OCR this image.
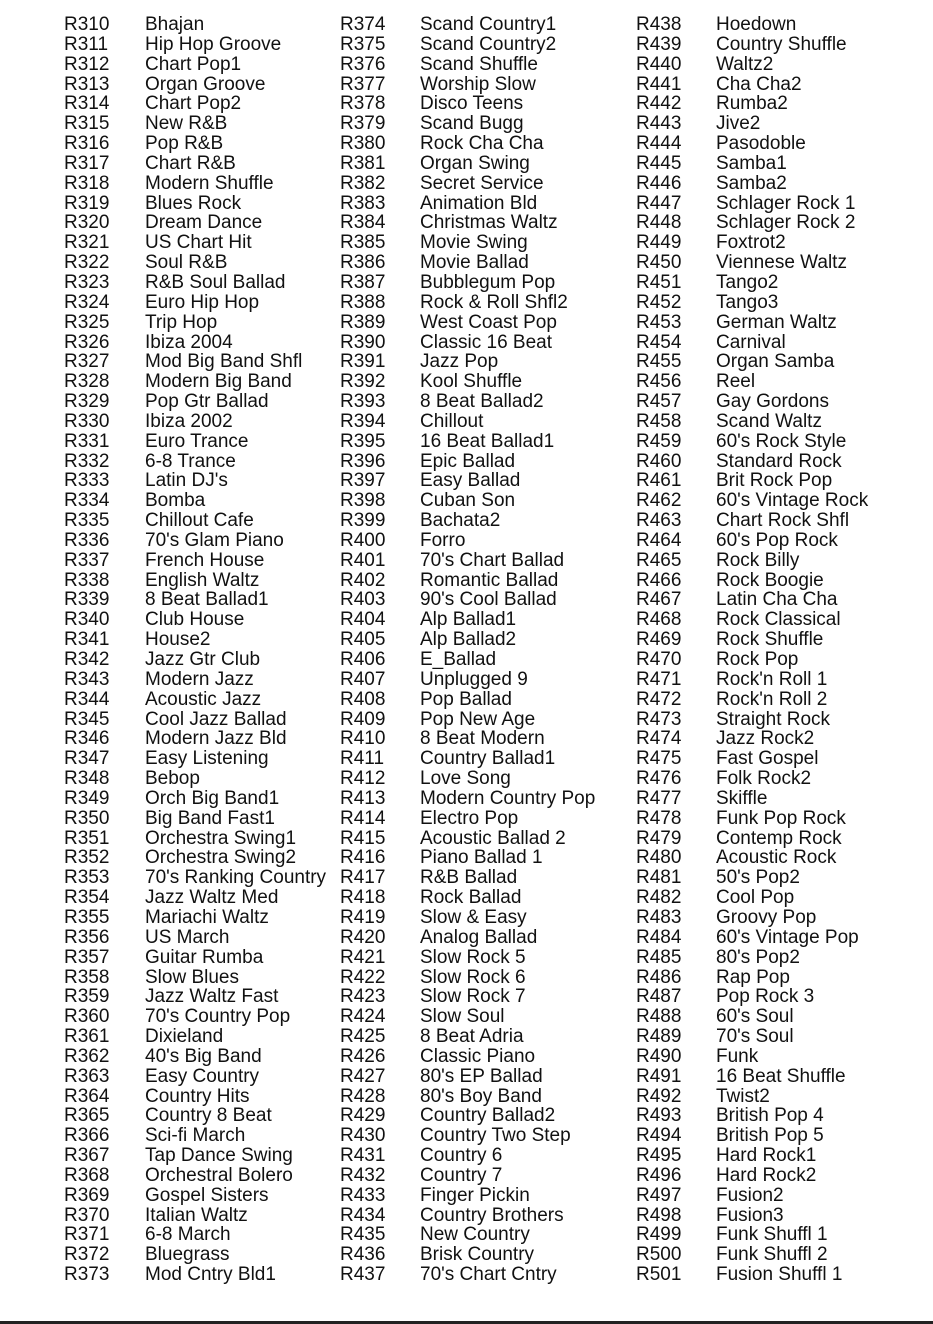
R310	Bhajan
R311	Hip Hop Groove
R312	Chart Pop1
R313	Organ Groove
R314	Chart Pop2
R315	New R&B
R316	Pop R&B
R317	Chart R&B
R318	Modern Shuffle
R319	Blues Rock
R320	Dream Dance
R321	US Chart Hit
R322	Soul R&B
R323	R&B Soul Ballad
R324	Euro Hip Hop
R325	Trip Hop
R326	Ibiza 2004
R327	Mod Big Band Shfl
R328	Modern Big Band
R329	Pop Gtr Ballad
R330	Ibiza 2002
R331	Euro Trance
R332	6-8 Trance
R333	Latin DJ's
R334	Bomba
R335	Chillout Cafe
R336	70's Glam Piano
R337	French House
R338	English Waltz
R339	8 Beat Ballad1
R340	Club House
R341	House2
R342	Jazz Gtr Club
R343	Modern Jazz
R344	Acoustic Jazz
R345	Cool Jazz Ballad
R346	Modern Jazz Bld
R347	Easy Listening
R348	Bebop
R349	Orch Big Band1
R350	Big Band Fast1
R351	Orchestra Swing1
R352	Orchestra Swing2
R353	70's Ranking Country
R354	Jazz Waltz Med
R355	Mariachi Waltz
R356	US March
R357	Guitar Rumba
R358	Slow Blues
R359	Jazz Waltz Fast
R360	70's Country Pop
R361	Dixieland
R362	40's Big Band
R363	Easy Country
R364	Country Hits
R365	Country 8 Beat
R366	Sci-fi March
R367	Tap Dance Swing
R368	Orchestral Bolero
R369	Gospel Sisters
R370	Italian Waltz
R371	6-8 March
R372	Bluegrass
R373	Mod Cntry Bld1
R374	Scand Country1
R375	Scand Country2
R376	Scand Shuffle
R377	Worship Slow
R378	Disco Teens
R379	Scand Bugg
R380	Rock Cha Cha
R381	Organ Swing
R382	Secret Service
R383	Animation Bld
R384	Christmas Waltz
R385	Movie Swing
R386	Movie Ballad
R387	Bubblegum Pop
R388	Rock & Roll Shfl2
R389	West Coast Pop
R390	Classic 16 Beat
R391	Jazz Pop
R392	Kool Shuffle
R393	8 Beat Ballad2
R394	Chillout
R395	16 Beat Ballad1
R396	Epic Ballad
R397	Easy Ballad
R398	Cuban Son
R399	Bachata2
R400	Forro
R401	70's Chart Ballad
R402	Romantic Ballad
R403	90's Cool Ballad
R404	Alp Ballad1
R405	Alp Ballad2
R406	E_Ballad
R407	Unplugged 9
R408	Pop Ballad
R409	Pop New Age
R410	8 Beat Modern
R411	Country Ballad1
R412	Love Song
R413	Modern Country Pop
R414	Electro Pop
R415	Acoustic Ballad 2
R416	Piano Ballad 1
R417	R&B Ballad
R418	Rock Ballad
R419	Slow & Easy
R420	Analog Ballad
R421	Slow Rock 5
R422	Slow Rock 6
R423	Slow Rock 7
R424	Slow Soul
R425	8 Beat Adria
R426	Classic Piano
R427	80's EP Ballad
R428	80's Boy Band
R429	Country Ballad2
R430	Country Two Step
R431	Country 6
R432	Country 7
R433	Finger Pickin
R434	Country Brothers
R435	New Country
R436	Brisk Country
R437	70's Chart Cntry
R438	Hoedown
R439	Country Shuffle
R440	Waltz2
R441	Cha Cha2
R442	Rumba2
R443	Jive2
R444	Pasodoble
R445	Samba1
R446	Samba2
R447	Schlager Rock 1
R448	Schlager Rock 2
R449	Foxtrot2
R450	Viennese Waltz
R451	Tango2
R452	Tango3
R453	German Waltz
R454	Carnival
R455	Organ Samba
R456	Reel
R457	Gay Gordons
R458	Scand Waltz
R459	60's Rock Style
R460	Standard Rock
R461	Brit Rock Pop
R462	60's Vintage Rock
R463	Chart Rock Shfl
R464	60's Pop Rock
R465	Rock Billy
R466	Rock Boogie
R467	Latin Cha Cha
R468	Rock Classical
R469	Rock Shuffle
R470	Rock Pop
R471	Rock'n Roll 1
R472	Rock'n Roll 2
R473	Straight Rock
R474	Jazz Rock2
R475	Fast Gospel
R476	Folk Rock2
R477	Skiffle
R478	Funk Pop Rock
R479	Contemp Rock
R480	Acoustic Rock
R481	50's Pop2
R482	Cool Pop
R483	Groovy Pop
R484	60's Vintage Pop
R485	80's Pop2
R486	Rap Pop
R487	Pop Rock 3
R488	60's Soul
R489	70's Soul
R490	Funk
R491	16 Beat Shuffle
R492	Twist2
R493	British Pop 4
R494	British Pop 5
R495	Hard Rock1
R496	Hard Rock2
R497	Fusion2
R498	Fusion3
R499	Funk Shuffl 1
R500	Funk Shuffl 2
R501	Fusion Shuffl 1
